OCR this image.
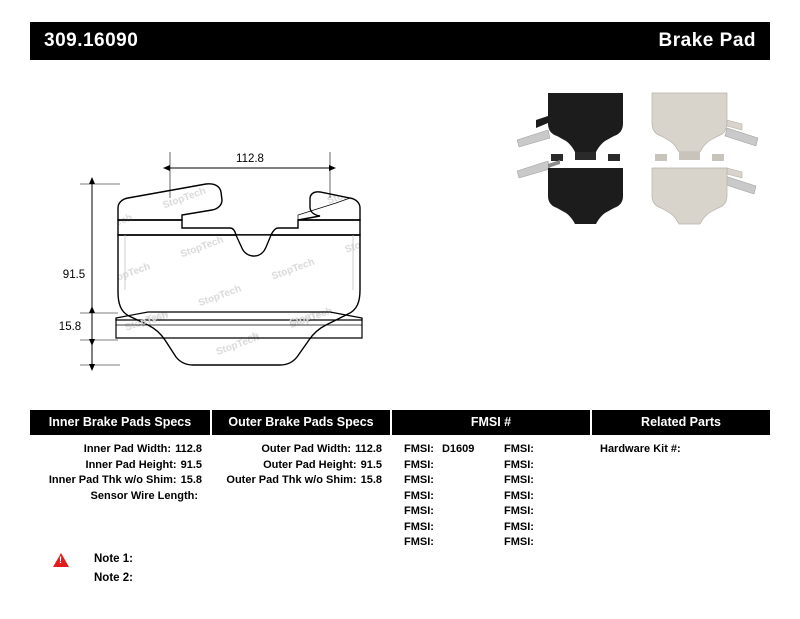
309.16090	Brake Pad
112.8
91.5
15.8
Inner Brake Pads Specs
Inner Pad Width: 112.8
Inner Pad Height: 91.5
Inner Pad Thk w/o Shim: 15.8
Sensor Wire Length:
Outer Brake Pads Specs
Outer Pad Width: 112.8
Outer Pad Height: 91.5
Outer Pad Thk w/o Shim: 15.8
FMSI #
FMSI: D1609	FMSI:
FMSI:	FMSI:
FMSI:	FMSI:
FMSI:	FMSI:
FMSI:	FMSI:
FMSI:	FMSI:
FMSI:	FMSI:
Related Parts
Hardware Kit #:
!
Note 1:
Note 2:
